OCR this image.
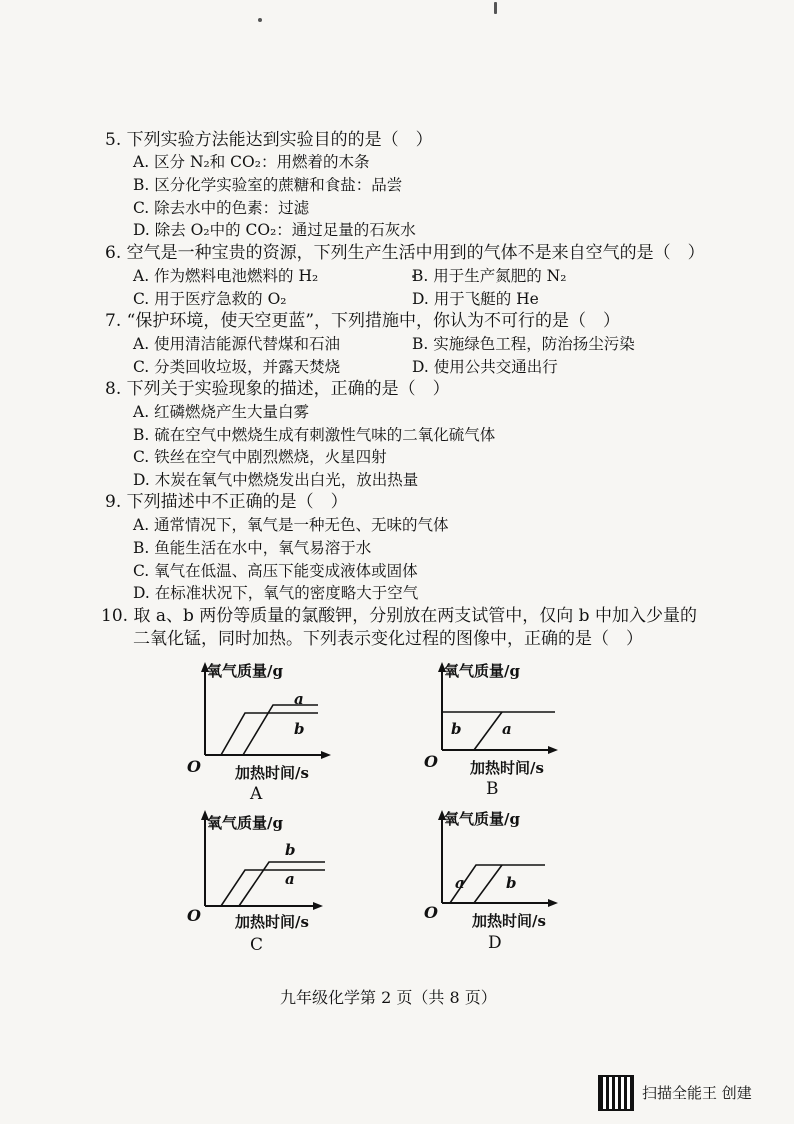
5. 下列实验方法能达到实验目的的是（　）
A. 区分 N₂和 CO₂：用燃着的木条
B. 区分化学实验室的蔗糖和食盐：品尝
C. 除去水中的色素：过滤
D. 除去 O₂中的 CO₂：通过足量的石灰水
6. 空气是一种宝贵的资源，下列生产生活中用到的气体不是来自空气的是（　）
A. 作为燃料电池燃料的 H₂	B. 用于生产氮肥的 N₂
C. 用于医疗急救的 O₂	D. 用于飞艇的 He
7. “保护环境，使天空更蓝”，下列措施中，你认为不可行的是（　）
A. 使用清洁能源代替煤和石油	B. 实施绿色工程，防治扬尘污染
C. 分类回收垃圾，并露天焚烧	D. 使用公共交通出行
8. 下列关于实验现象的描述，正确的是（　）
A. 红磷燃烧产生大量白雾
B. 硫在空气中燃烧生成有刺激性气味的二氧化硫气体
C. 铁丝在空气中剧烈燃烧，火星四射
D. 木炭在氧气中燃烧发出白光，放出热量
9. 下列描述中不正确的是（　）
A. 通常情况下，氧气是一种无色、无味的气体
B. 鱼能生活在水中，氧气易溶于水
C. 氧气在低温、高压下能变成液体或固体
D. 在标准状况下，氧气的密度略大于空气
10. 取 a、b 两份等质量的氯酸钾，分别放在两支试管中，仅向 b 中加入少量的
二氧化锰，同时加热。下列表示变化过程的图像中，正确的是（　）
氧气质量/g
O 加热时间/s
a
b
A
氧气质量/g
O 加热时间/s
b	a
B
氧气质量/g
O 加热时间/s
b
a
C
氧气质量/g
O 加热时间/s
a	b
D
九年级化学第 2 页（共 8 页）
扫描全能王 创建
